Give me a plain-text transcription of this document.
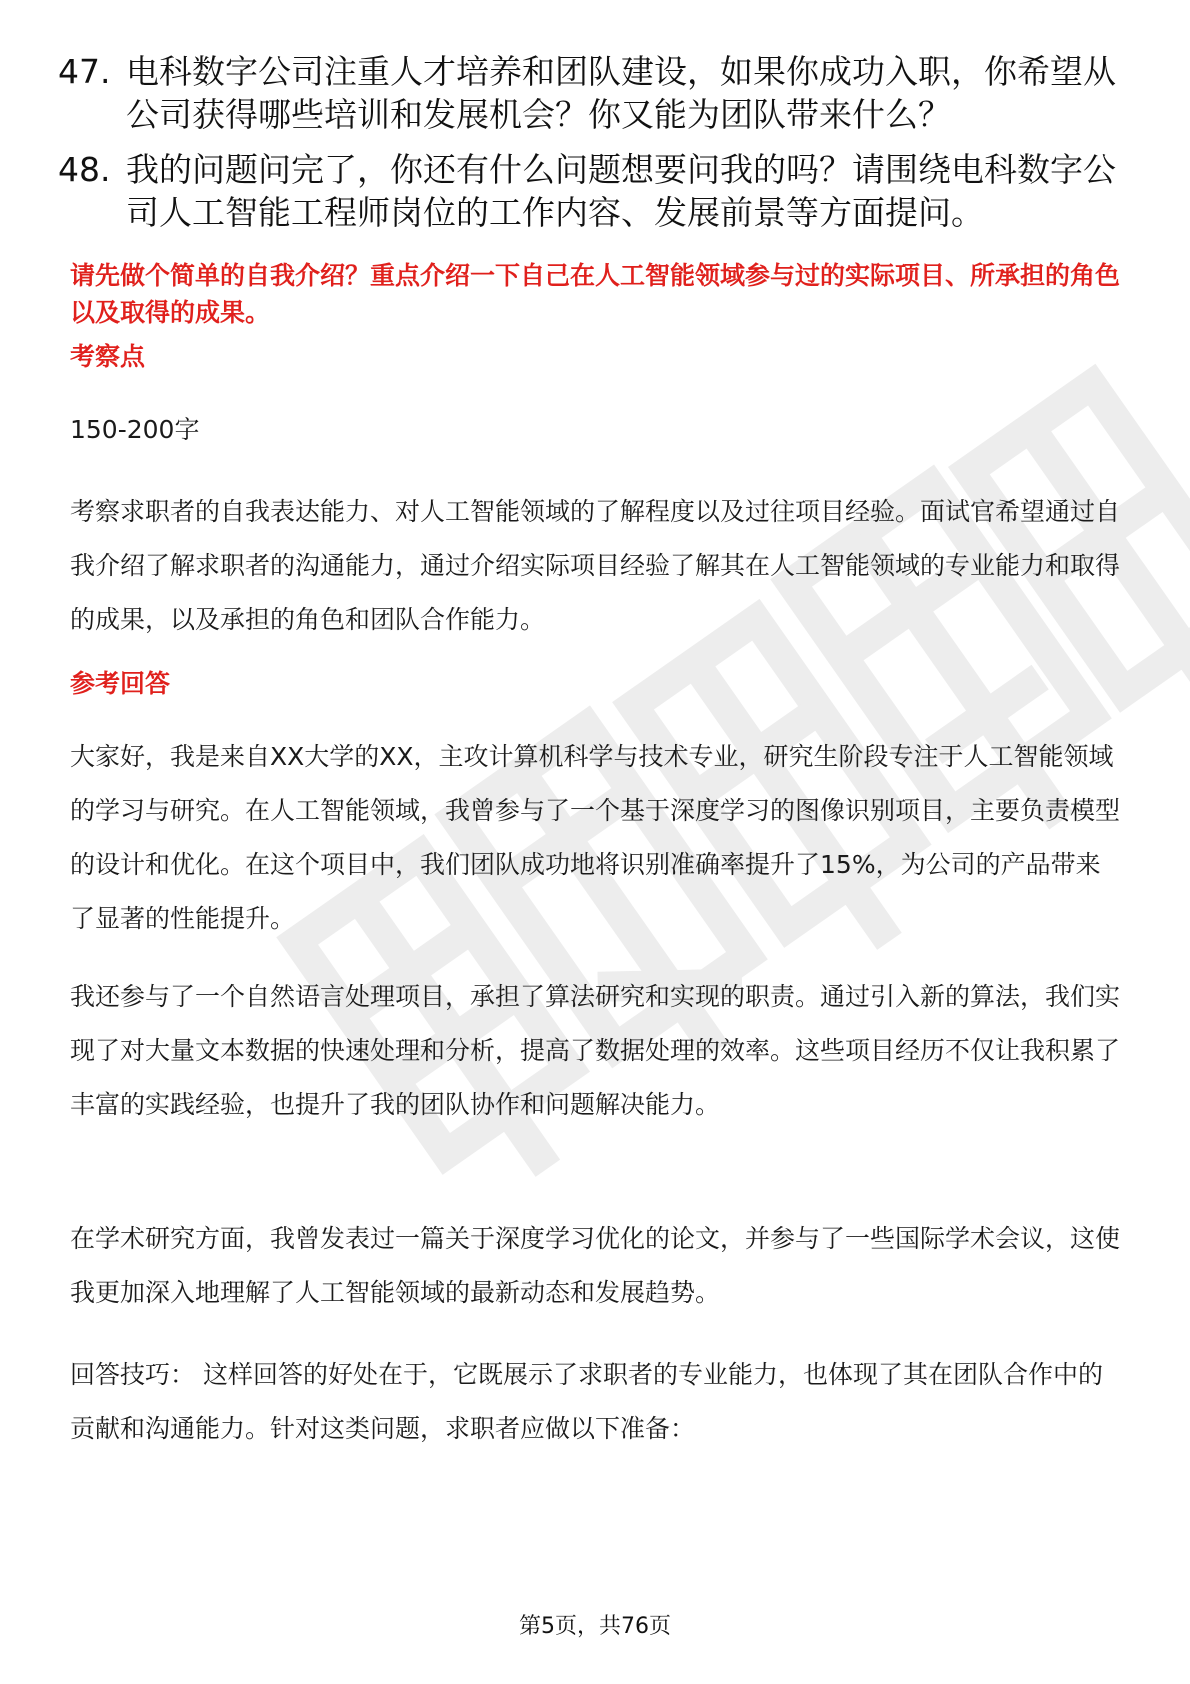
47. 电科数字公司注重人才培养和团队建设，如果你成功入职，你希望从公司获得哪些培训和发展机会？你又能为团队带来什么？
48. 我的问题问完了，你还有什么问题想要问我的吗？请围绕电科数字公司人工智能工程师岗位的工作内容、发展前景等方面提问。
请先做个简单的自我介绍？重点介绍一下自己在人工智能领域参与过的实际项目、所承担的角色以及取得的成果。
考察点
150-200字
考察求职者的自我表达能力、对人工智能领域的了解程度以及过往项目经验。面试官希望通过自我介绍了解求职者的沟通能力，通过介绍实际项目经验了解其在人工智能领域的专业能力和取得的成果，以及承担的角色和团队合作能力。
参考回答
大家好，我是来自XX大学的XX，主攻计算机科学与技术专业，研究生阶段专注于人工智能领域的学习与研究。在人工智能领域，我曾参与了一个基于深度学习的图像识别项目，主要负责模型的设计和优化。在这个项目中，我们团队成功地将识别准确率提升了15%，为公司的产品带来了显著的性能提升。
我还参与了一个自然语言处理项目，承担了算法研究和实现的职责。通过引入新的算法，我们实现了对大量文本数据的快速处理和分析，提高了数据处理的效率。这些项目经历不仅让我积累了丰富的实践经验，也提升了我的团队协作和问题解决能力。
在学术研究方面，我曾发表过一篇关于深度学习优化的论文，并参与了一些国际学术会议，这使我更加深入地理解了人工智能领域的最新动态和发展趋势。
回答技巧： 这样回答的好处在于，它既展示了求职者的专业能力，也体现了其在团队合作中的贡献和沟通能力。针对这类问题，求职者应做以下准备：
第5页，共76页
